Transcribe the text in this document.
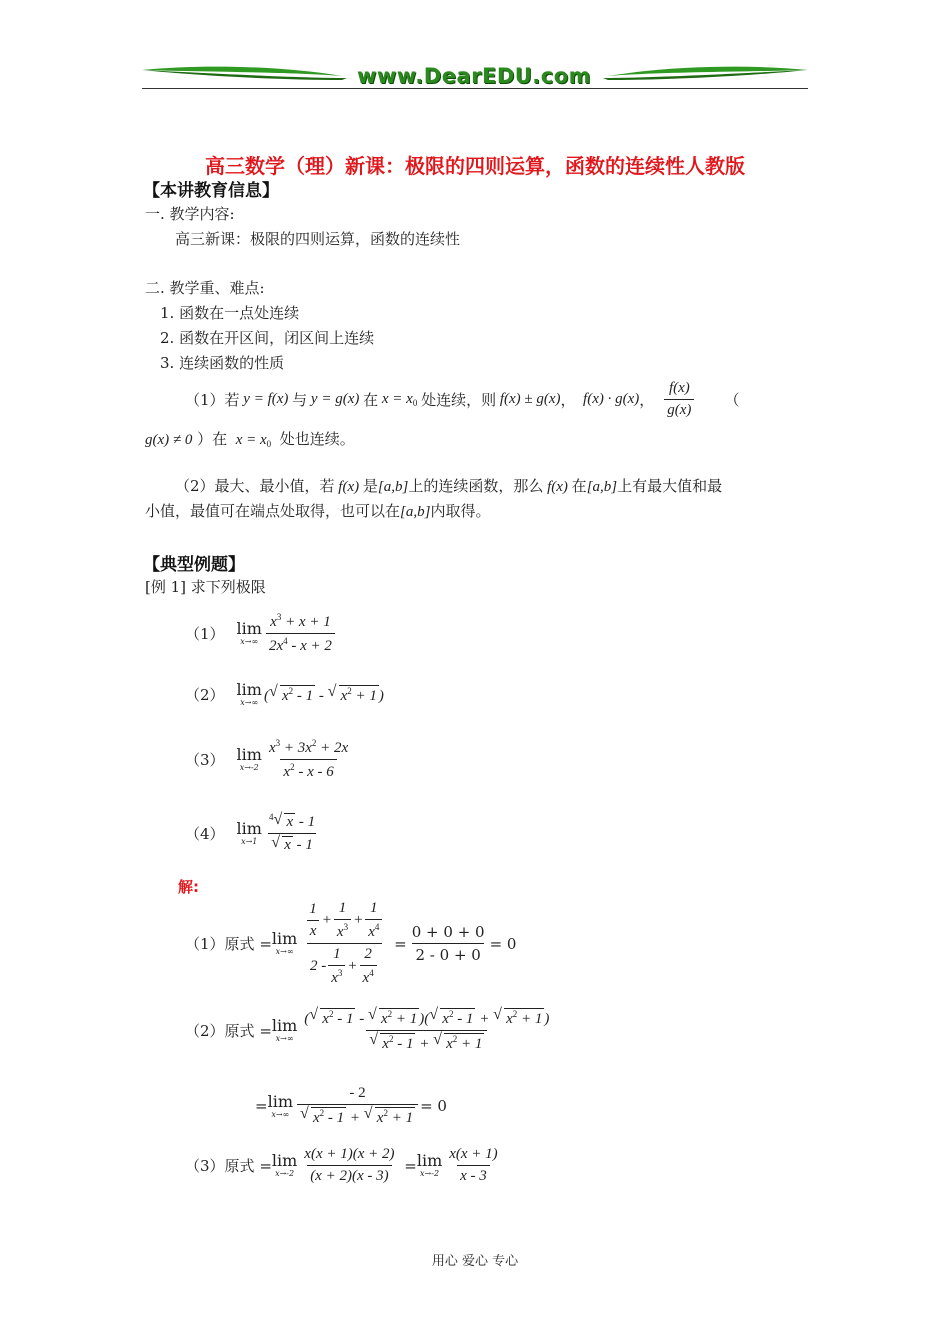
www.DearEDU.com
高三数学（理）新课：极限的四则运算，函数的连续性人教版
【本讲教育信息】
一. 教学内容:
高三新课：极限的四则运算，函数的连续性
二. 教学重、难点:
1. 函数在一点处连续
2. 函数在开区间，闭区间上连续
3. 连续函数的性质
（1）若 y = f(x) 与 y = g(x) 在 $x = x_0$ 处连续，则 f(x) ± g(x) ， f(x) · g(x) ， $\frac{f(x)}{g(x)}$ （
g(x) ≠ 0 ）在  $x = x_0$ 处也连续。
（2）最大、最小值，若 f(x) 是[a,b]上的连续函数，那么 f(x) 在[a,b]上有最大值和最
小值，最值可在端点处取得，也可以在[a,b]内取得。
【典型例题】
[例 1] 求下列极限
（1） lim
$x\to\infty \frac{x^3 + x + 1}{2x^4 - x + 2}$
（2） lim
x→∞ ( √ $x^2 - 1$ - √ $x^2 + 1$ )
（3） lim
$x\to-2 \frac{x^3 + 3x^2 + 2x}{x^2 - x - 6}$
（4） lim
x→1 $^4$ √ x - 1
√ x - 1
解:
（1）原式 = lim
$x\to\infty \frac{\frac{1}{x} + \frac{1}{x^3} + \frac{1}{x^4}}{2 - \frac{1}{x^3} + \frac{2}{x^4}} = \frac{0 + 0 + 0}{2 - 0 + 0} = 0$
（2）原式 = lim
x→∞ ( √ $x^2 - 1$ - √ $x^2 + 1$ )( √ $x^2 - 1$ + √ $x^2 + 1$ )
√ $x^2 - 1$ + √ $x^2 + 1$
= lim
x→∞ - 2
√ $x^2 - 1$ + √ $x^2 + 1 = 0$
（3）原式 = lim
$x\to-2 \frac{x(x + 1)(x + 2)}{(x + 2)(x - 3)} = \lim$
$x\to-2 \frac{x(x + 1)}{x - 3}$
用心 爱心 专心
